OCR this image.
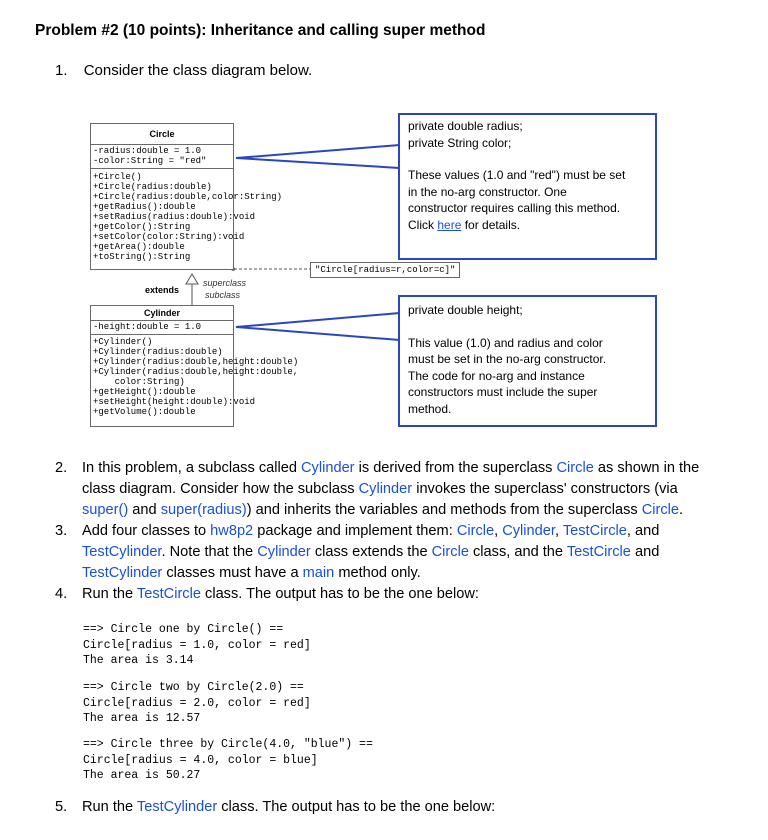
Problem #2 (10 points): Inheritance and calling super method
1. Consider the class diagram below.
Circle
-radius:double = 1.0
-color:String = "red"
+Circle()
+Circle(radius:double)
+Circle(radius:double,color:String)
+getRadius():double
+setRadius(radius:double):void
+getColor():String
+setColor(color:String):void
+getArea():double
+toString():String
"Circle[radius=r,color=c]"
extends
superclass
subclass
Cylinder
-height:double = 1.0
+Cylinder()
+Cylinder(radius:double)
+Cylinder(radius:double,height:double)
+Cylinder(radius:double,height:double,
color:String)
+getHeight():double
+setHeight(height:double):void
+getVolume():double
private double radius;
private String color;
These values (1.0 and "red") must be set
in the no-arg constructor. One
constructor requires calling this method.
Click here for details.
private double height;
This value (1.0) and radius and color
must be set in the no-arg constructor.
The code for no-arg and instance
constructors must include the super
method.
2. In this problem, a subclass called Cylinder is derived from the superclass Circle as shown in the
class diagram. Consider how the subclass Cylinder invokes the superclass' constructors (via
super() and super(radius)) and inherits the variables and methods from the superclass Circle.
3. Add four classes to hw8p2 package and implement them: Circle, Cylinder, TestCircle, and
TestCylinder. Note that the Cylinder class extends the Circle class, and the TestCircle and
TestCylinder classes must have a main method only.
4. Run the TestCircle class. The output has to be the one below:
==> Circle one by Circle() ==
Circle[radius = 1.0, color = red]
The area is 3.14
==> Circle two by Circle(2.0) ==
Circle[radius = 2.0, color = red]
The area is 12.57
==> Circle three by Circle(4.0, "blue") ==
Circle[radius = 4.0, color = blue]
The area is 50.27
5. Run the TestCylinder class. The output has to be the one below:
